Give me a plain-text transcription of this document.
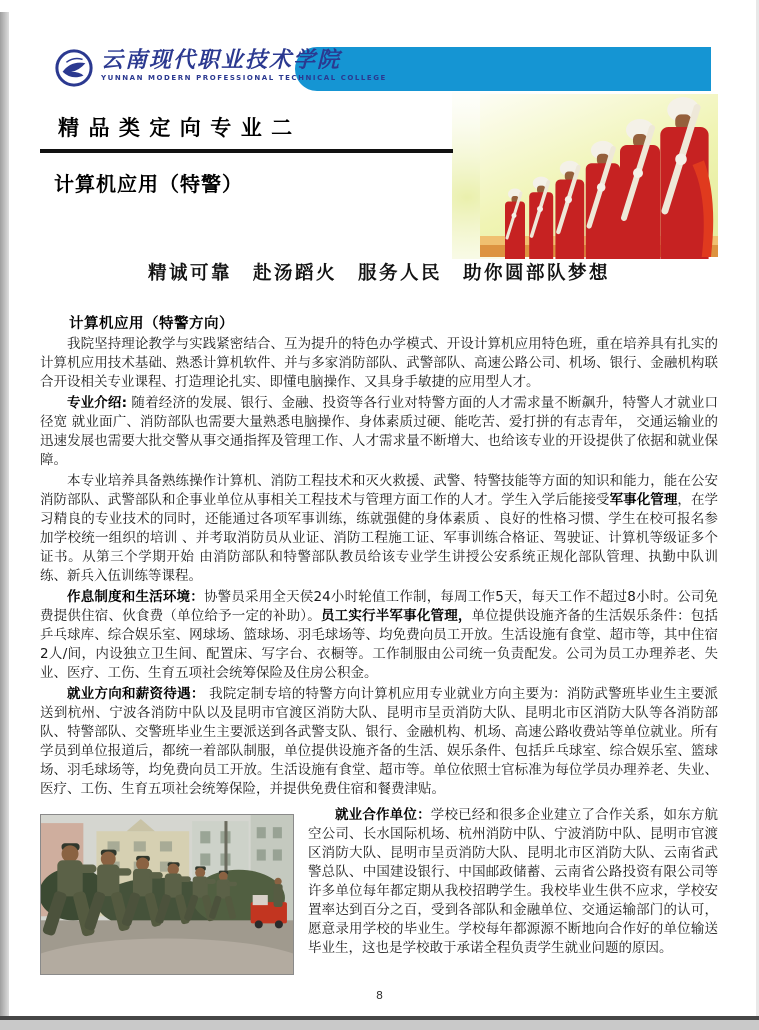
云南现代职业技术学院
YUNNAN MODERN PROFESSIONAL TECHNICAL COLLEGE
精品类定向专业二
计算机应用（特警）
精诚可靠　赴汤蹈火　服务人民　助你圆部队梦想
计算机应用（特警方向）

我院坚持理论教学与实践紧密结合、互为提升的特色办学模式、开设计算机应用特色班，重在培养具有扎实的计算机应用技术基础、熟悉计算机软件、并与多家消防部队、武警部队、高速公路公司、机场、银行、金融机构联合开设相关专业课程、打造理论扎实、即懂电脑操作、又具身手敏捷的应用型人才。

专业介绍: 随着经济的发展、银行、金融、投资等各行业对特警方面的人才需求量不断飙升，特警人才就业口径宽 就业面广、消防部队也需要大量熟悉电脑操作、身体素质过硬、能吃苦、爱打拼的有志青年， 交通运输业的迅速发展也需要大批交警从事交通指挥及管理工作、人才需求量不断增大、也给该专业的开设提供了依据和就业保障。

本专业培养具备熟练操作计算机、消防工程技术和灭火救援、武警、特警技能等方面的知识和能力，能在公安消防部队、武警部队和企事业单位从事相关工程技术与管理方面工作的人才。学生入学后能接受军事化管理，在学习精良的专业技术的同时，还能通过各项军事训练，练就强健的身体素质 、良好的性格习惯、学生在校可报名参加学校统一组织的培训 、并考取消防员从业证、消防工程施工证、军事训练合格证、驾驶证、计算机等级证多个证书。从第三个学期开始 由消防部队和特警部队教员给该专业学生讲授公安系统正规化部队管理、执勤中队训练、新兵入伍训练等课程。

作息制度和生活环境：协警员采用全天侯24小时轮值工作制，每周工作5天，每天工作不超过8小时。公司免费提供住宿、伙食费（单位给予一定的补助）。员工实行半军事化管理，单位提供设施齐备的生活娱乐条件：包括乒乓球库、综合娱乐室、网球场、篮球场、羽毛球场等、均免费向员工开放。生活设施有食堂、超市等，其中住宿2人/间，内设独立卫生间、配置床、写字台、衣橱等。工作制服由公司统一负责配发。公司为员工办理养老、失业、医疗、工伤、生育五项社会统筹保险及住房公积金。

就业方向和薪资待遇： 我院定制专培的特警方向计算机应用专业就业方向主要为：消防武警班毕业生主要派送到杭州、宁波各消防中队以及昆明市官渡区消防大队、昆明市呈贡消防大队、昆明北市区消防大队等各消防部队、特警部队、交警班毕业生主要派送到各武警支队、银行、金融机构、机场、高速公路收费站等单位就业。所有学员到单位报道后，都统一着部队制服，单位提供设施齐备的生活、娱乐条件、包括乒乓球室、综合娱乐室、篮球场、羽毛球场等，均免费向员工开放。生活设施有食堂、超市等。单位依照士官标准为每位学员办理养老、失业、医疗、工伤、生育五项社会统筹保险，并提供免费住宿和餐费津贴。

就业合作单位：学校已经和很多企业建立了合作关系，如东方航空公司、长水国际机场、杭州消防中队、宁波消防中队、昆明市官渡区消防大队、昆明市呈贡消防大队、昆明北市区消防大队、云南省武警总队、中国建设银行、中国邮政储蓄、云南省公路投资有限公司等许多单位每年都定期从我校招聘学生。我校毕业生供不应求，学校安置率达到百分之百，受到各部队和金融单位、交通运输部门的认可，愿意录用学校的毕业生。学校每年都源源不断地向合作好的单位输送毕业生，这也是学校敢于承诺全程负责学生就业问题的原因。

8
